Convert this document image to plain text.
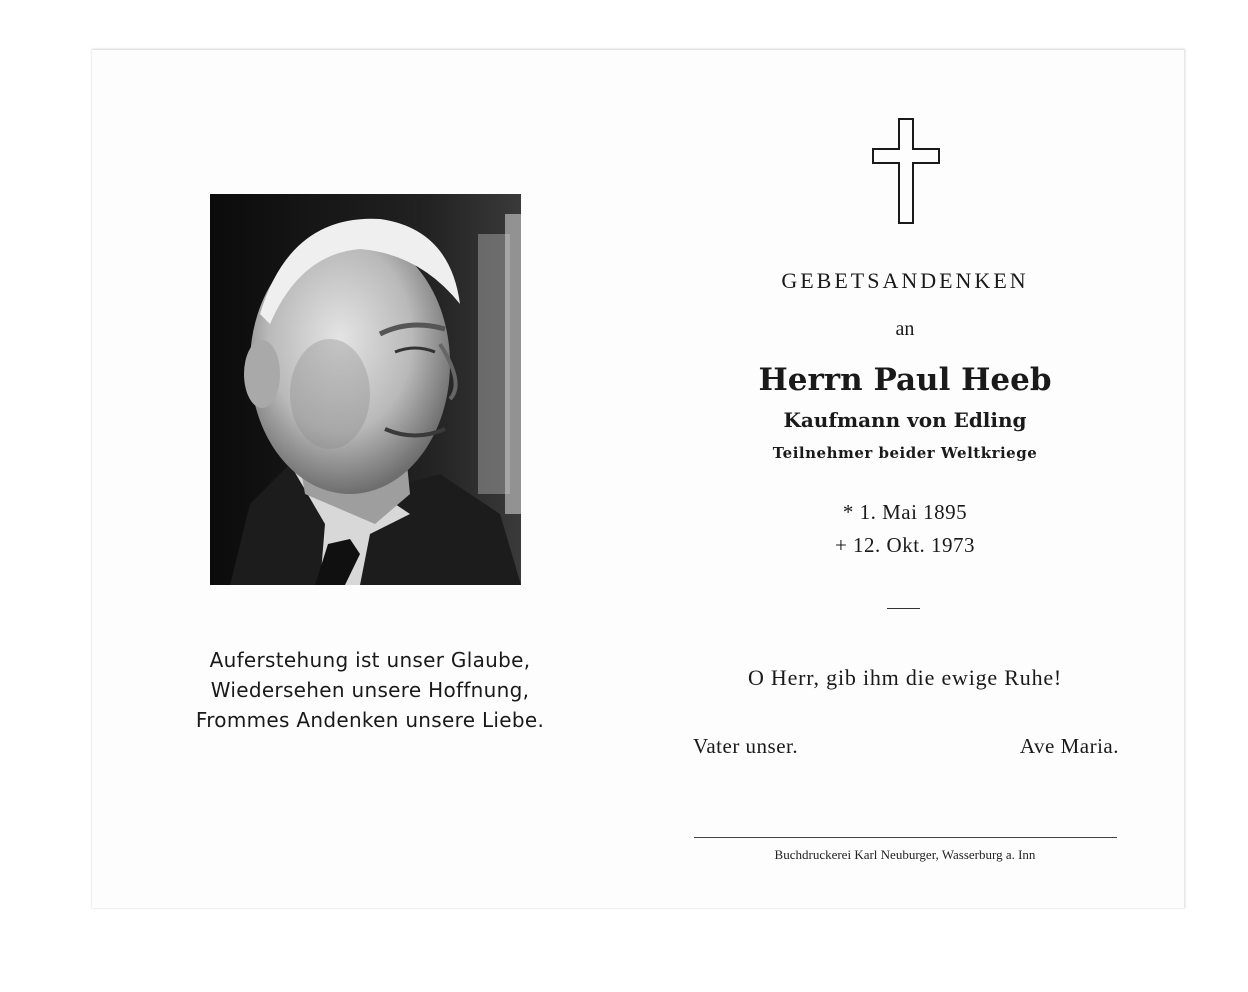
Auferstehung ist unser Glaube,
Wiedersehen unsere Hoffnung,
Frommes Andenken unsere Liebe.
GEBETSANDENKEN
an
Herrn Paul Heeb
Kaufmann von Edling
Teilnehmer beider Weltkriege
* 1. Mai 1895
+ 12. Okt. 1973
O Herr, gib ihm die ewige Ruhe!
Vater unser.	Ave Maria.
Buchdruckerei Karl Neuburger, Wasserburg a. Inn
